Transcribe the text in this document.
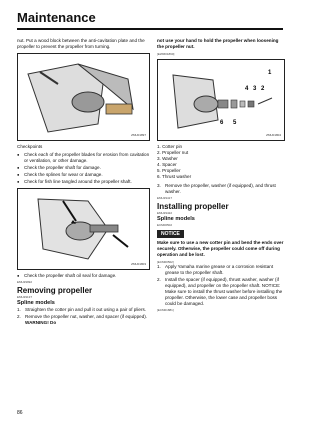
Maintenance

nut. Put a wood block between the anti-cavitation plate and the propeller to prevent the propeller from turning.

ZMU01897

Checkpoints

● Check each of the propeller blades for erosion from cavitation or ventilation, or other damage.
● Check the propeller shaft for damage.
● Check the splines for wear or damage.
● Check for fish line tangled around the propeller shaft.
ZMU01803
● Check the propeller shaft oil seal for damage.
EMU29992
Removing propeller
EMU29137
Spline models
1. Straighten the cotter pin and pull it out using a pair of pliers.
2. Remove the propeller nut, washer, and spacer (if equipped). WARNING! Do

not use your hand to hold the propeller when loosening the propeller nut.

[EWM01890]
1
2
3
4
5
6
ZMU01804
1. Cotter pin
2. Propeller nut
3. Washer
4. Spacer
5. Propeller
6. Thrust washer
3. Remove the propeller, washer (if equipped), and thrust washer.
EMU29417
Installing propeller
EMU29422
Spline models
ECM00502
NOTICE

Make sure to use a new cotter pin and bend the ends over securely. Otherwise, the propeller could come off during operation and be lost.

[ECM00502]
1. Apply Yamaha marine grease or a corrosion resistant grease to the propeller shaft.
2. Install the spacer (if equipped), thrust washer, washer (if equipped), and propeller on the propeller shaft. NOTICE: Make sure to install the thrust washer before installing the propeller. Otherwise, the lower case and propeller boss could be damaged.
[ECM01881]
86
